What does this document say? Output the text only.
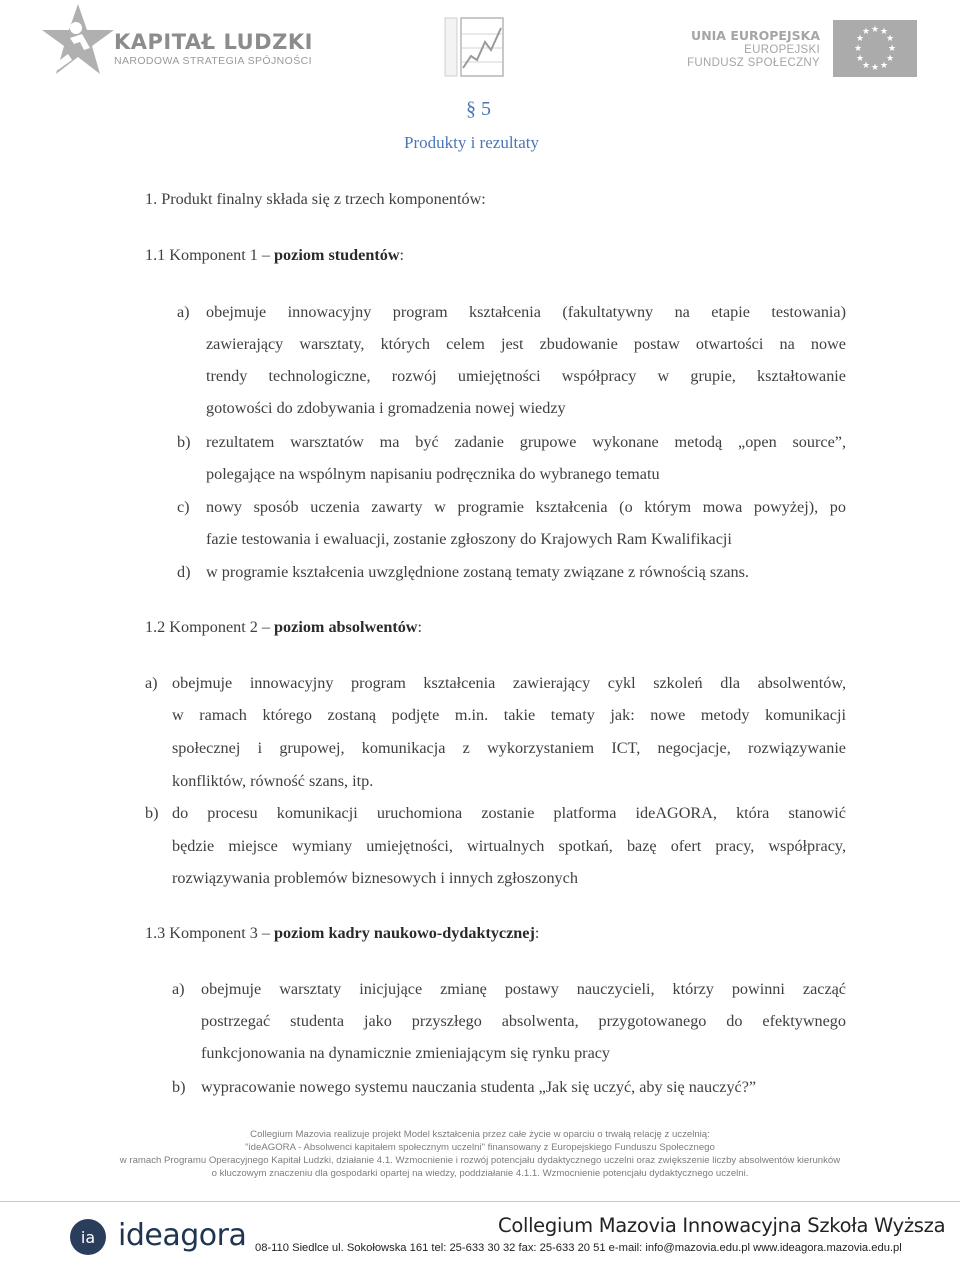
KAPITAŁ LUDZKI
NARODOWA STRATEGIA SPÓJNOŚCI
UNIA EUROPEJSKA
EUROPEJSKI
FUNDUSZ SPOŁECZNY
★ ★
★
★
★
★
★
★
★
★
★
★
§ 5
Produkty i rezultaty
1. Produkt finalny składa się z trzech komponentów:
1.1 Komponent 1 – poziom studentów:
a) obejmuje innowacyjny program kształcenia (fakultatywny na etapie testowania)
zawierający warsztaty, których celem jest zbudowanie postaw otwartości na nowe
trendy technologiczne, rozwój umiejętności współpracy w grupie, kształtowanie
gotowości do zdobywania i gromadzenia nowej wiedzy
b) rezultatem warsztatów ma być zadanie grupowe wykonane metodą „open source”,
polegające na wspólnym napisaniu podręcznika do wybranego tematu
c) nowy sposób uczenia zawarty w programie kształcenia (o którym mowa powyżej), po
fazie testowania i ewaluacji, zostanie zgłoszony do Krajowych Ram Kwalifikacji
d) w programie kształcenia uwzględnione zostaną tematy związane z równością szans.
1.2 Komponent 2 – poziom absolwentów:
a) obejmuje innowacyjny program kształcenia zawierający cykl szkoleń dla absolwentów,
w ramach którego zostaną podjęte m.in. takie tematy jak: nowe metody komunikacji
społecznej i grupowej, komunikacja z wykorzystaniem ICT, negocjacje, rozwiązywanie
konfliktów, równość szans, itp.
b) do procesu komunikacji uruchomiona zostanie platforma ideAGORA, która stanowić
będzie miejsce wymiany umiejętności, wirtualnych spotkań, bazę ofert pracy, współpracy,
rozwiązywania problemów biznesowych i innych zgłoszonych
1.3 Komponent 3 – poziom kadry naukowo-dydaktycznej:
a) obejmuje warsztaty inicjujące zmianę postawy nauczycieli, którzy powinni zacząć
postrzegać studenta jako przyszłego absolwenta, przygotowanego do efektywnego
funkcjonowania na dynamicznie zmieniającym się rynku pracy
b) wypracowanie nowego systemu nauczania studenta „Jak się uczyć, aby się nauczyć?”
Collegium Mazovia realizuje projekt Model kształcenia przez całe życie w oparciu o trwałą relację z uczelnią:
"ideAGORA - Absolwenci kapitałem społecznym uczelni" finansowany z Europejskiego Funduszu Społecznego
w ramach Programu Operacyjnego Kapitał Ludzki, działanie 4.1. Wzmocnienie i rozwój potencjału dydaktycznego uczelni oraz zwiększenie liczby absolwentów kierunków
o kluczowym znaczeniu dla gospodarki opartej na wiedzy, poddziałanie 4.1.1. Wzmocnienie potencjału dydaktycznego uczelni.
ia ideagora	Collegium Mazovia Innowacyjna Szkoła Wyższa
08-110 Siedlce ul. Sokołowska 161 tel: 25-633 30 32 fax: 25-633 20 51 e-mail: info@mazovia.edu.pl www.ideagora.mazovia.edu.pl
